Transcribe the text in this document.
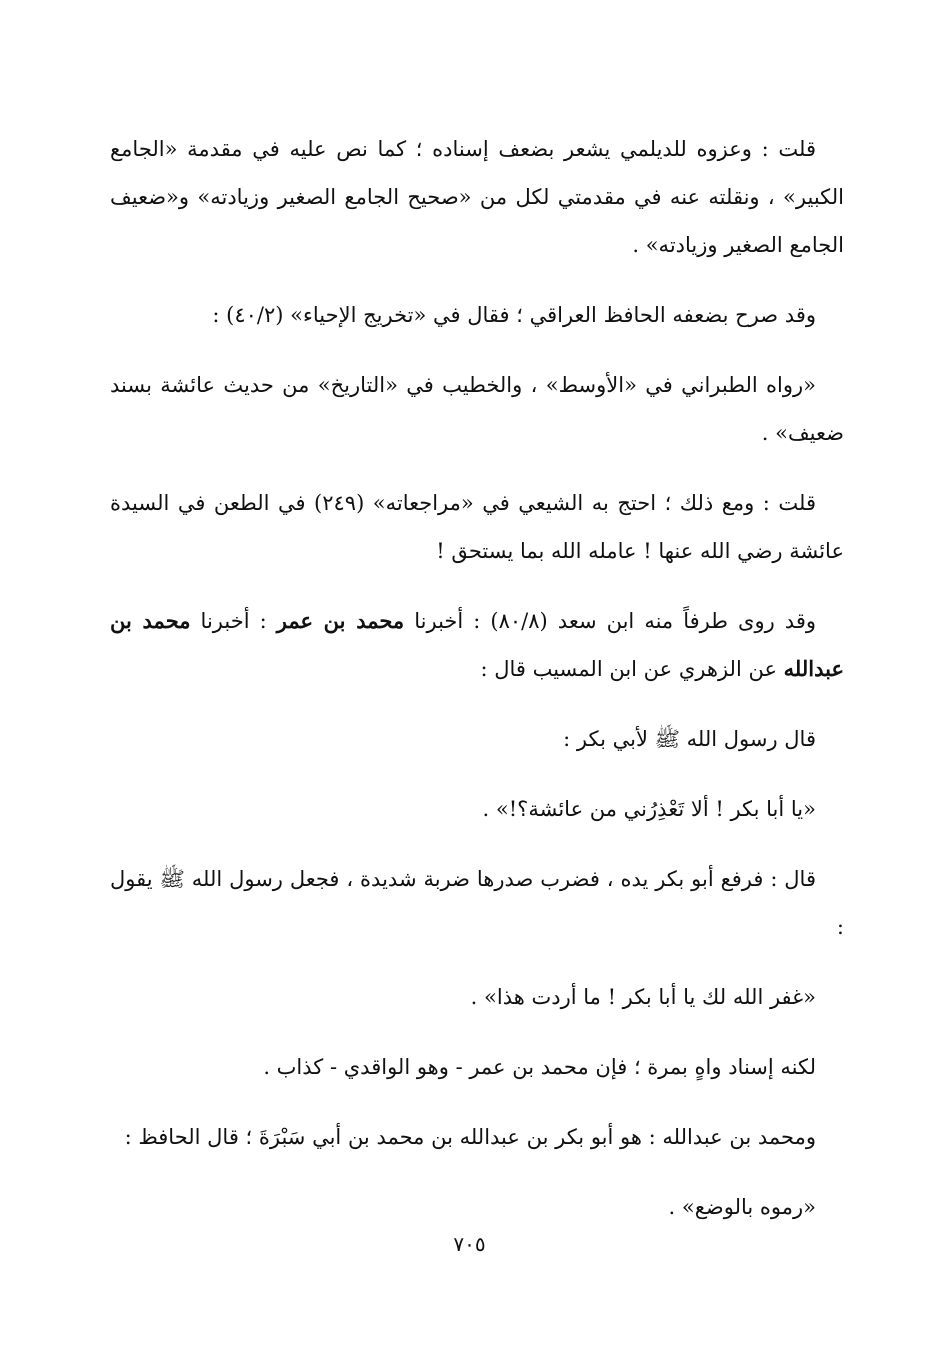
قلت : وعزوه للديلمي يشعر بضعف إسناده ؛ كما نص عليه في مقدمة «الجامع الكبير» ، ونقلته عنه في مقدمتي لكل من «صحيح الجامع الصغير وزيادته» و«ضعيف الجامع الصغير وزيادته» .

وقد صرح بضعفه الحافظ العراقي ؛ فقال في «تخريج الإحياء» (٤٠/٢) :

«رواه الطبراني في «الأوسط» ، والخطيب في «التاريخ» من حديث عائشة بسند ضعيف» .

قلت : ومع ذلك ؛ احتج به الشيعي في «مراجعاته» (٢٤٩) في الطعن في السيدة عائشة رضي الله عنها ! عامله الله بما يستحق !

وقد روى طرفاً منه ابن سعد (٨٠/٨) : أخبرنا محمد بن عمر : أخبرنا محمد بن عبدالله عن الزهري عن ابن المسيب قال :

قال رسول الله ﷺ لأبي بكر :

«يا أبا بكر ! ألا تَعْذِرُني من عائشة؟!» .

قال : فرفع أبو بكر يده ، فضرب صدرها ضربة شديدة ، فجعل رسول الله ﷺ يقول :

«غفر الله لك يا أبا بكر ! ما أردت هذا» .

لكنه إسناد واهٍ بمرة ؛ فإن محمد بن عمر - وهو الواقدي - كذاب .

ومحمد بن عبدالله : هو أبو بكر بن عبدالله بن محمد بن أبي سَبْرَةَ ؛ قال الحافظ :

«رموه بالوضع» .

٧٠٥
